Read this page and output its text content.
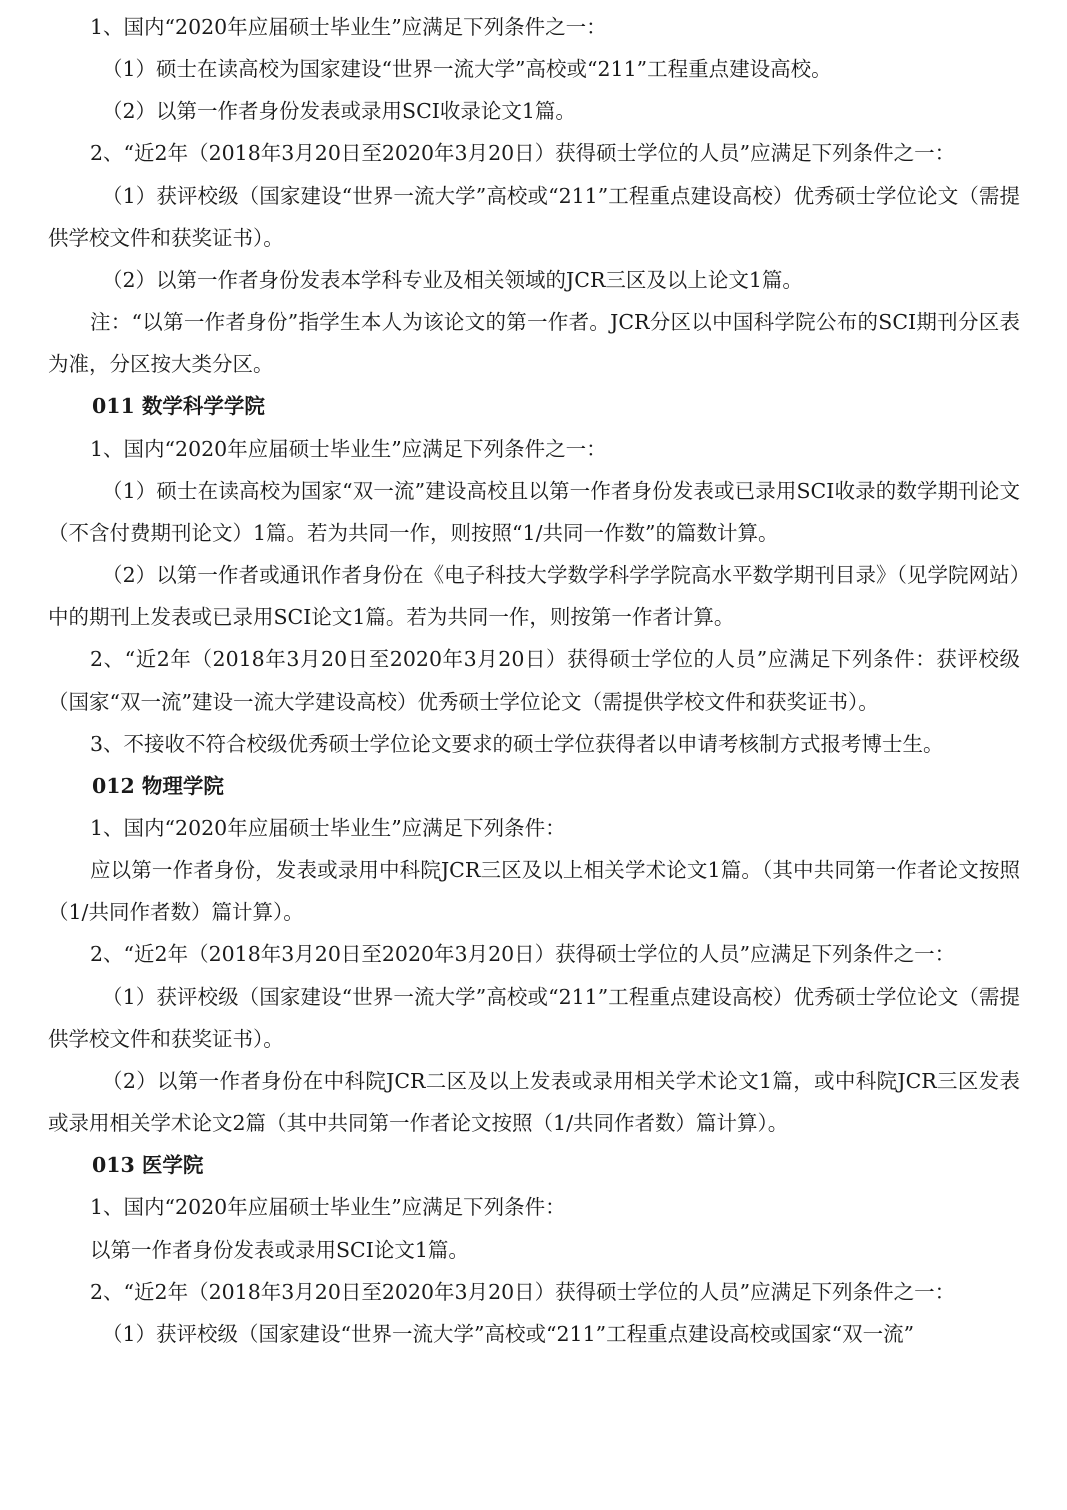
1、国内“2020年应届硕士毕业生”应满足下列条件之一：

（1）硕士在读高校为国家建设“世界一流大学”高校或“211”工程重点建设高校。

（2）以第一作者身份发表或录用SCI收录论文1篇。

2、“近2年（2018年3月20日至2020年3月20日）获得硕士学位的人员”应满足下列条件之一：

（1）获评校级（国家建设“世界一流大学”高校或“211”工程重点建设高校）优秀硕士学位论文（需提供学校文件和获奖证书）。

（2）以第一作者身份发表本学科专业及相关领域的JCR三区及以上论文1篇。

注：“以第一作者身份”指学生本人为该论文的第一作者。JCR分区以中国科学院公布的SCI期刊分区表为准，分区按大类分区。

011 数学科学学院

1、国内“2020年应届硕士毕业生”应满足下列条件之一：

（1）硕士在读高校为国家“双一流”建设高校且以第一作者身份发表或已录用SCI收录的数学期刊论文（不含付费期刊论文）1篇。若为共同一作，则按照“1/共同一作数”的篇数计算。

（2）以第一作者或通讯作者身份在《电子科技大学数学科学学院高水平数学期刊目录》（见学院网站）中的期刊上发表或已录用SCI论文1篇。若为共同一作，则按第一作者计算。

2、“近2年（2018年3月20日至2020年3月20日）获得硕士学位的人员”应满足下列条件：获评校级（国家“双一流”建设一流大学建设高校）优秀硕士学位论文（需提供学校文件和获奖证书）。

3、不接收不符合校级优秀硕士学位论文要求的硕士学位获得者以申请考核制方式报考博士生。

012 物理学院

1、国内“2020年应届硕士毕业生”应满足下列条件：

应以第一作者身份，发表或录用中科院JCR三区及以上相关学术论文1篇。（其中共同第一作者论文按照（1/共同作者数）篇计算）。

2、“近2年（2018年3月20日至2020年3月20日）获得硕士学位的人员”应满足下列条件之一：

（1）获评校级（国家建设“世界一流大学”高校或“211”工程重点建设高校）优秀硕士学位论文（需提供学校文件和获奖证书）。

（2）以第一作者身份在中科院JCR二区及以上发表或录用相关学术论文1篇，或中科院JCR三区发表或录用相关学术论文2篇（其中共同第一作者论文按照（1/共同作者数）篇计算）。

013 医学院

1、国内“2020年应届硕士毕业生”应满足下列条件：

以第一作者身份发表或录用SCI论文1篇。

2、“近2年（2018年3月20日至2020年3月20日）获得硕士学位的人员”应满足下列条件之一：

（1）获评校级（国家建设“世界一流大学”高校或“211”工程重点建设高校或国家“双一流”
